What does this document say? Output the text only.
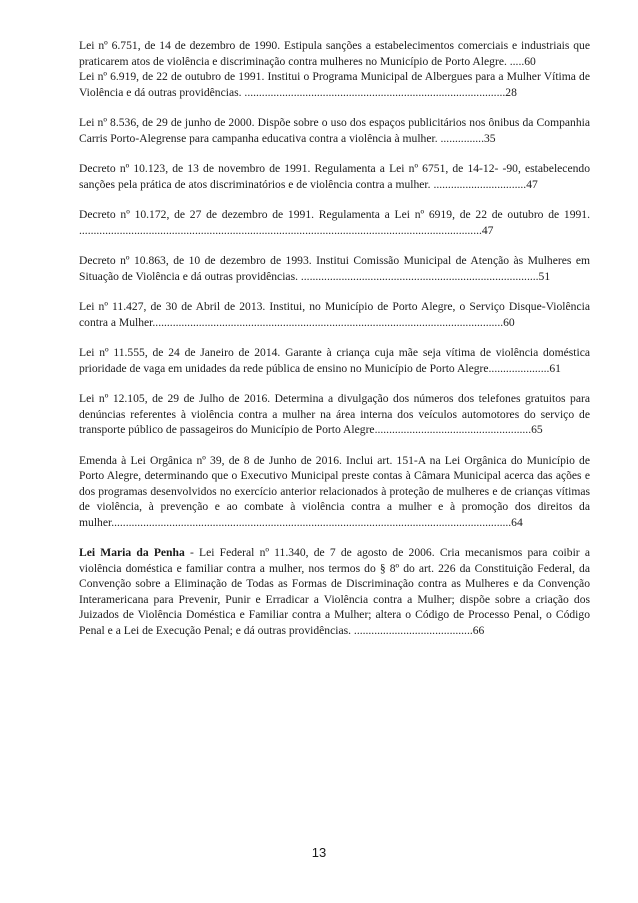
Lei nº 6.751, de 14 de dezembro de 1990. Estipula sanções a estabelecimentos comerciais e industriais que praticarem atos de violência e discriminação contra mulheres no Município de Porto Alegre. .....60

Lei nº 6.919, de 22 de outubro de 1991. Institui o Programa Municipal de Albergues para a Mulher Vítima de Violência e dá outras providências. ..........................................................................................28

Lei nº 8.536, de 29 de junho de 2000. Dispõe sobre o uso dos espaços publicitários nos ônibus da Companhia Carris Porto-Alegrense para campanha educativa contra a violência à mulher. ...............35

Decreto nº 10.123, de 13 de novembro de 1991. Regulamenta a Lei nº 6751, de 14-12- -90, estabelecendo sanções pela prática de atos discriminatórios e de violência contra a mulher. ................................47

Decreto nº 10.172, de 27 de dezembro de 1991. Regulamenta a Lei nº 6919, de 22 de outubro de 1991. ...........................................................................................................................................47

Decreto nº 10.863, de 10 de dezembro de 1993. Institui Comissão Municipal de Atenção às Mulheres em Situação de Violência e dá outras providências. ..................................................................................51

Lei nº 11.427, de 30 de Abril de 2013. Institui, no Município de Porto Alegre, o Serviço Disque-Violência contra a Mulher.........................................................................................................................60

Lei nº 11.555, de 24 de Janeiro de 2014. Garante à criança cuja mãe seja vítima de violência doméstica prioridade de vaga em unidades da rede pública de ensino no Município de Porto Alegre.....................61

Lei nº 12.105, de 29 de Julho de 2016. Determina a divulgação dos números dos telefones gratuitos para denúncias referentes à violência contra a mulher na área interna dos veículos automotores do serviço de transporte público de passageiros do Município de Porto Alegre......................................................65

Emenda à Lei Orgânica nº 39, de 8 de Junho de 2016. Inclui art. 151-A na Lei Orgânica do Município de Porto Alegre, determinando que o Executivo Municipal preste contas à Câmara Municipal acerca das ações e dos programas desenvolvidos no exercício anterior relacionados à proteção de mulheres e de crianças vítimas de violência, à prevenção e ao combate à violência contra a mulher e à promoção dos direitos da mulher..........................................................................................................................................64

Lei Maria da Penha - Lei Federal nº 11.340, de 7 de agosto de 2006. Cria mecanismos para coibir a violência doméstica e familiar contra a mulher, nos termos do § 8º do art. 226 da Constituição Federal, da Convenção sobre a Eliminação de Todas as Formas de Discriminação contra as Mulheres e da Convenção Interamericana para Prevenir, Punir e Erradicar a Violência contra a Mulher; dispõe sobre a criação dos Juizados de Violência Doméstica e Familiar contra a Mulher; altera o Código de Processo Penal, o Código Penal e a Lei de Execução Penal; e dá outras providências. .........................................66

13
